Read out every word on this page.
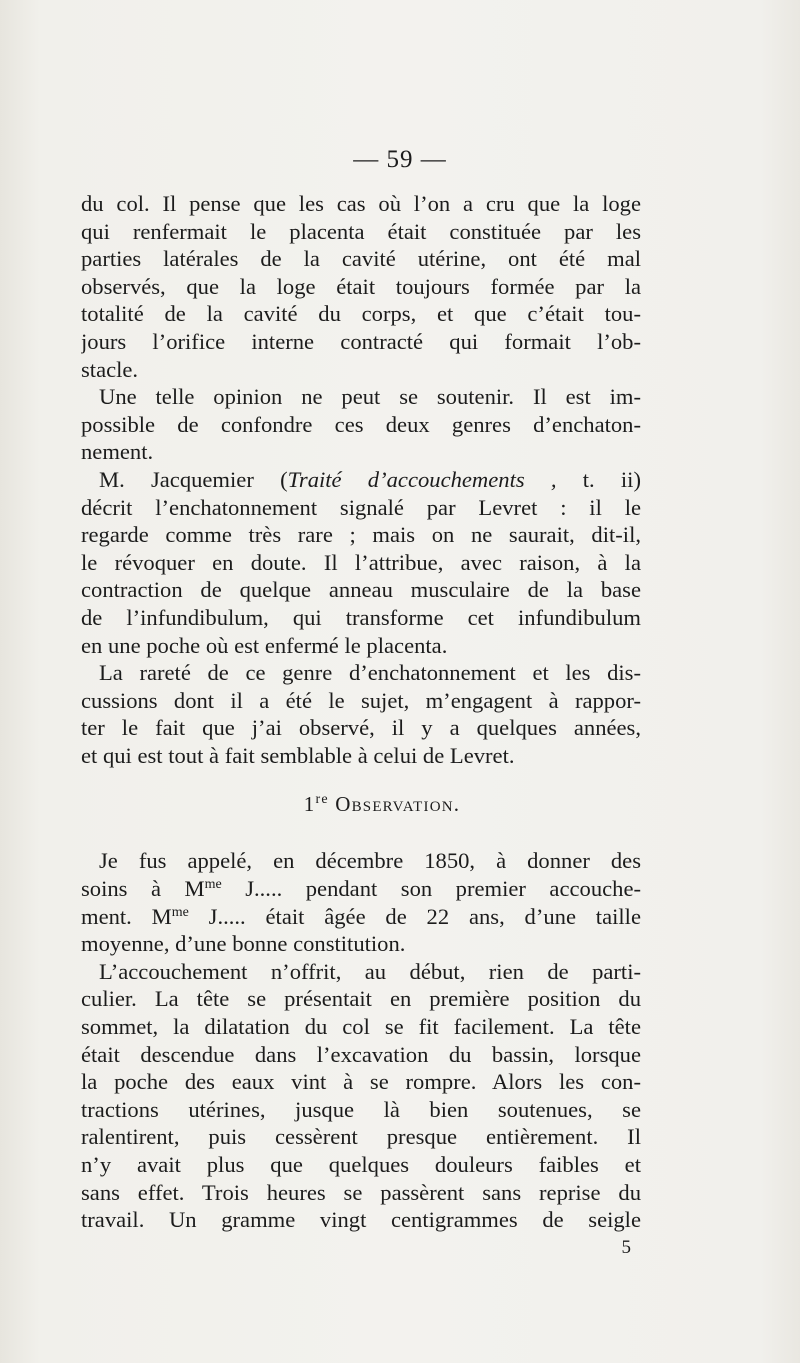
— 59 —
du col. Il pense que les cas où l’on a cru que la loge
qui renfermait le placenta était constituée par les
parties latérales de la cavité utérine, ont été mal
observés, que la loge était toujours formée par la
totalité de la cavité du corps, et que c’était tou-
jours l’orifice interne contracté qui formait l’ob-
stacle.
Une telle opinion ne peut se soutenir. Il est im-
possible de confondre ces deux genres d’enchaton-
nement.
M. Jacquemier (Traité d’accouchements , t. ii)
décrit l’enchatonnement signalé par Levret : il le
regarde comme très rare ; mais on ne saurait, dit-il,
le révoquer en doute. Il l’attribue, avec raison, à la
contraction de quelque anneau musculaire de la base
de l’infundibulum, qui transforme cet infundibulum
en une poche où est enfermé le placenta.
La rareté de ce genre d’enchatonnement et les dis-
cussions dont il a été le sujet, m’engagent à rappor-
ter le fait que j’ai observé, il y a quelques années,
et qui est tout à fait semblable à celui de Levret.
1re Observation.
Je fus appelé, en décembre 1850, à donner des
soins à $M^{me}$ J..... pendant son premier accouche-
ment. $M^{me}$ J..... était âgée de 22 ans, d’une taille
moyenne, d’une bonne constitution.
L’accouchement n’offrit, au début, rien de parti-
culier. La tête se présentait en première position du
sommet, la dilatation du col se fit facilement. La tête
était descendue dans l’excavation du bassin, lorsque
la poche des eaux vint à se rompre. Alors les con-
tractions utérines, jusque là bien soutenues, se
ralentirent, puis cessèrent presque entièrement. Il
n’y avait plus que quelques douleurs faibles et
sans effet. Trois heures se passèrent sans reprise du
travail. Un gramme vingt centigrammes de seigle
5
